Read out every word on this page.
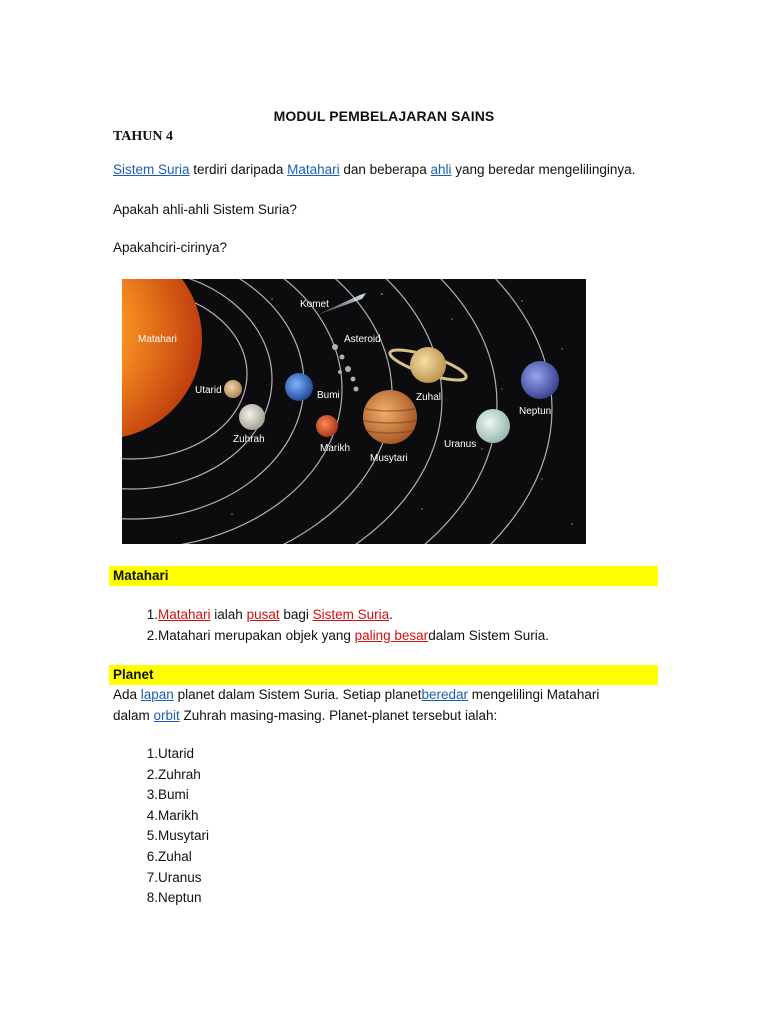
MODUL PEMBELAJARAN SAINS
TAHUN 4
Sistem Suria terdiri daripada Matahari dan beberapa ahli yang beredar mengelilinginya.
Apakah ahli-ahli Sistem Suria?
Apakahciri-cirinya?
Matahari
Komet
Asteroid
Utarid
Zuhrah
Bumi
Marikh
Musytari
Zuhal
Uranus
Neptun
Matahari
1. Matahari ialah pusat bagi Sistem Suria.
2. Matahari merupakan objek yang paling besardalam Sistem Suria.
Planet
Ada lapan planet dalam Sistem Suria. Setiap planetberedar mengelilingi Matahari
dalam orbit Zuhrah masing-masing. Planet-planet tersebut ialah:
1. Utarid
2. Zuhrah
3. Bumi
4. Marikh
5. Musytari
6. Zuhal
7. Uranus
8. Neptun
